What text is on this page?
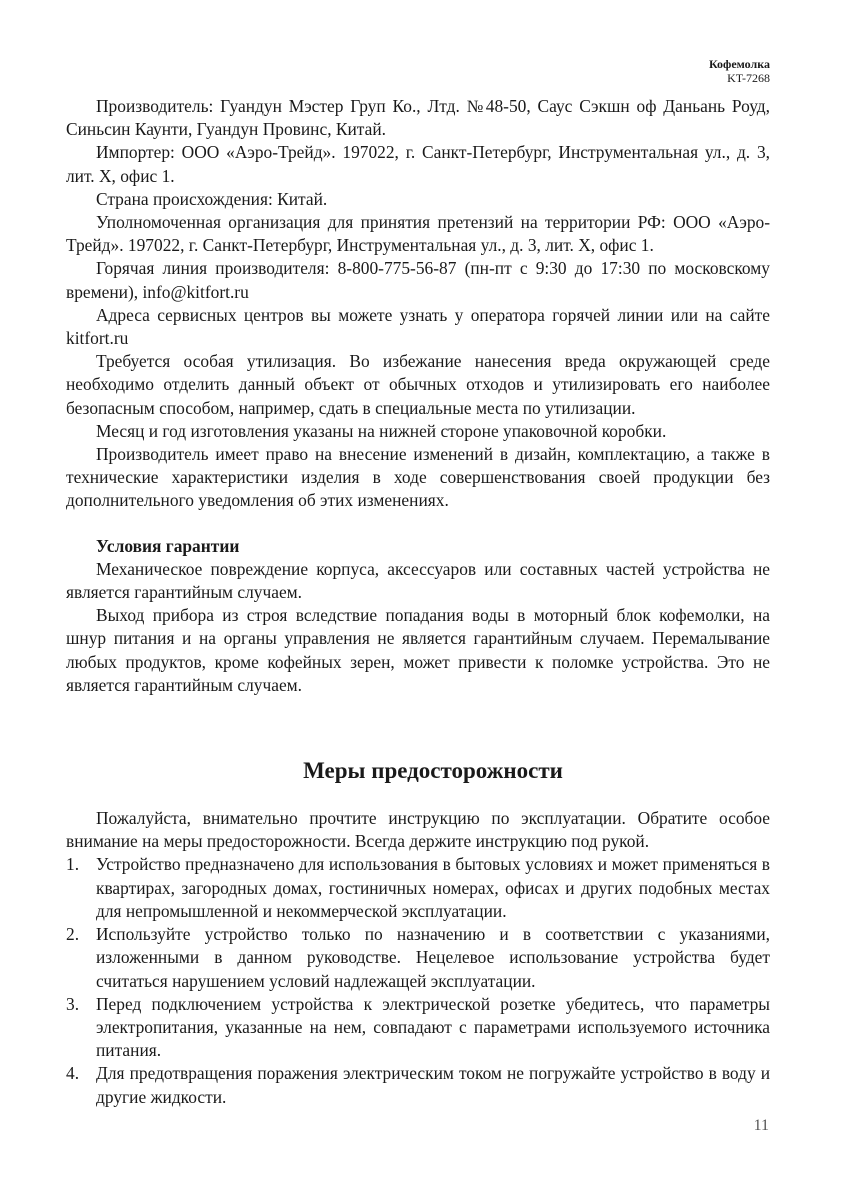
Кофемолка
KT-7268

Производитель: Гуандун Мэстер Груп Ко., Лтд. №48-50, Саус Сэкшн оф Даньань Роуд, Синьсин Каунти, Гуандун Провинс, Китай.

Импортер: ООО «Аэро-Трейд». 197022, г. Санкт-Петербург, Инструментальная ул., д. 3, лит. Х, офис 1.

Страна происхождения: Китай.

Уполномоченная организация для принятия претензий на территории РФ: ООО «Аэро-Трейд». 197022, г. Санкт-Петербург, Инструментальная ул., д. 3, лит. Х, офис 1.

Горячая линия производителя: 8-800-775-56-87 (пн-пт с 9:30 до 17:30 по московскому времени), info@kitfort.ru

Адреса сервисных центров вы можете узнать у оператора горячей линии или на сайте kitfort.ru

Требуется особая утилизация. Во избежание нанесения вреда окружающей среде необходимо отделить данный объект от обычных отходов и утилизировать его наиболее безопасным способом, например, сдать в специальные места по утилизации.

Месяц и год изготовления указаны на нижней стороне упаковочной коробки.

Производитель имеет право на внесение изменений в дизайн, комплектацию, а также в технические характеристики изделия в ходе совершенствования своей продукции без дополнительного уведомления об этих изменениях.

Условия гарантии

Механическое повреждение корпуса, аксессуаров или составных частей устройства не является гарантийным случаем.

Выход прибора из строя вследствие попадания воды в моторный блок кофемолки, на шнур питания и на органы управления не является гарантийным случаем. Перемалывание любых продуктов, кроме кофейных зерен, может привести к поломке устройства. Это не является гарантийным случаем.

Меры предосторожности

Пожалуйста, внимательно прочтите инструкцию по эксплуатации. Обратите особое внимание на меры предосторожности. Всегда держите инструкцию под рукой.

1. Устройство предназначено для использования в бытовых условиях и может применяться в квартирах, загородных домах, гостиничных номерах, офисах и других подобных местах для непромышленной и некоммерческой эксплуатации.
2. Используйте устройство только по назначению и в соответствии с указаниями, изложенными в данном руководстве. Нецелевое использование устройства будет считаться нарушением условий надлежащей эксплуатации.
3. Перед подключением устройства к электрической розетке убедитесь, что параметры электропитания, указанные на нем, совпадают с параметрами используемого источника питания.
4. Для предотвращения поражения электрическим током не погружайте устройство в воду и другие жидкости.
11
